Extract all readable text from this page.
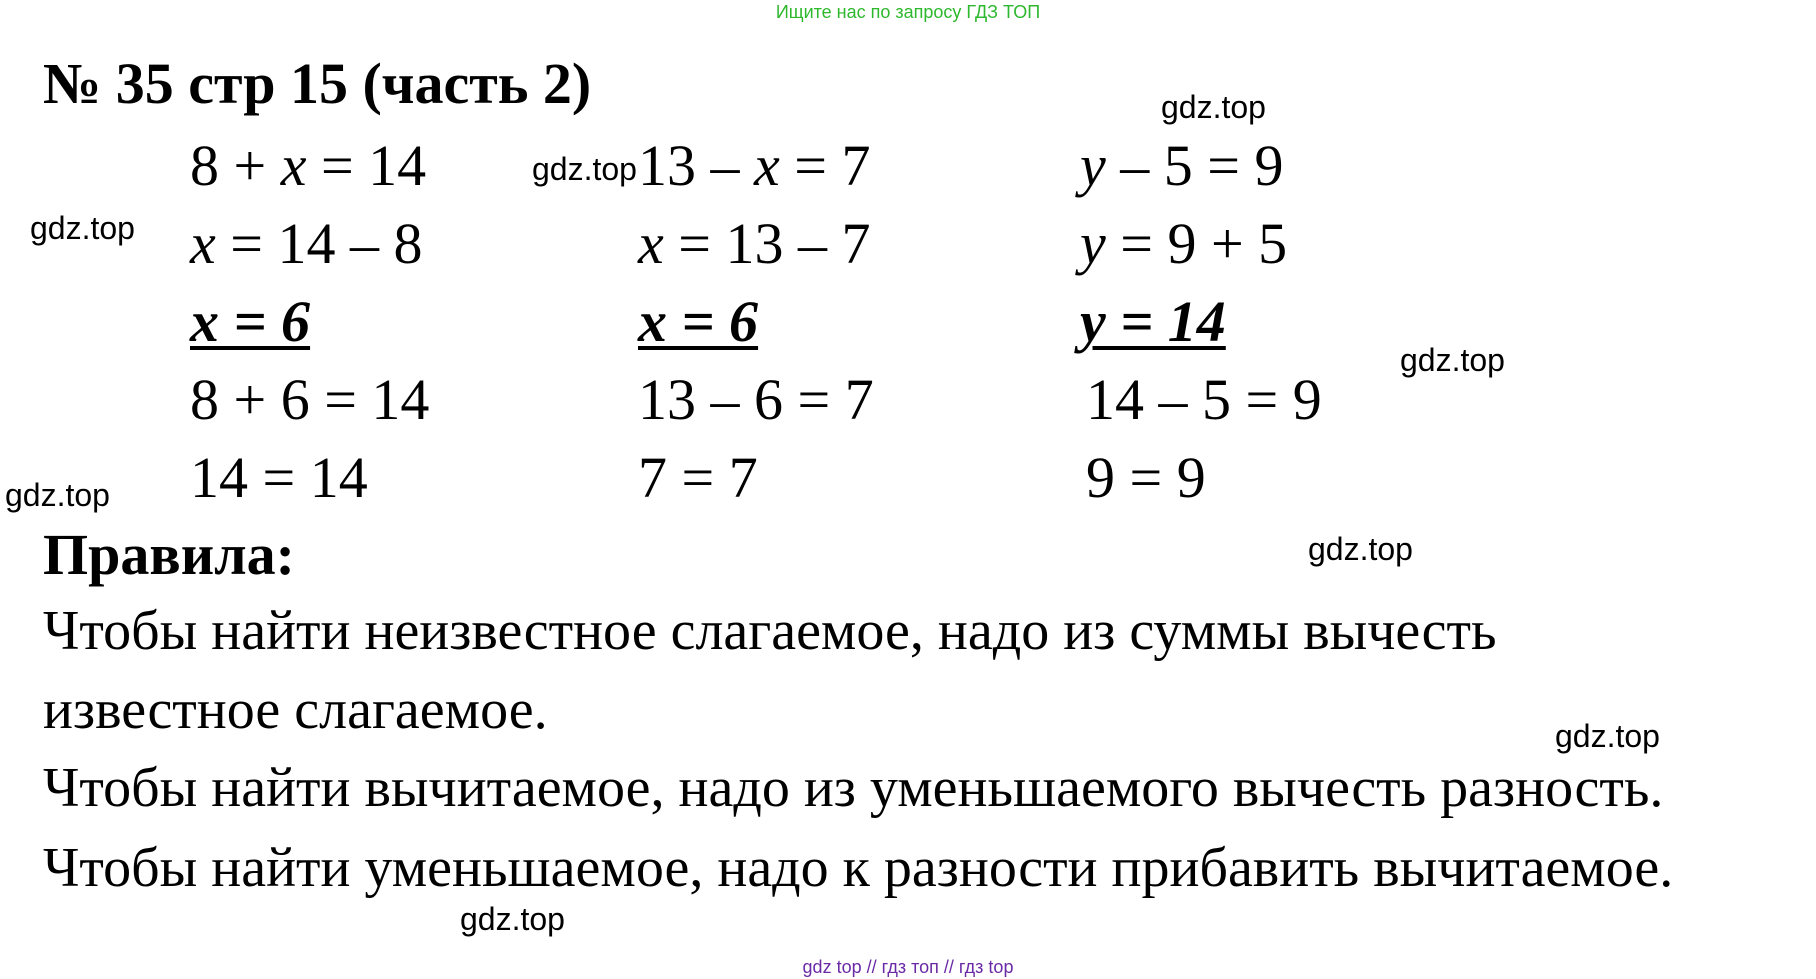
Ищите нас по запросу ГДЗ ТОП
№ 35 стр 15 (часть 2)
8 + x = 14
x = 14 – 8
x = 6
8 + 6 = 14
14 = 14
13 – x = 7
x = 13 – 7
x = 6
13 – 6 = 7
7 = 7
y – 5 = 9
y = 9 + 5
y = 14
14 – 5 = 9
9 = 9
Правила:
Чтобы найти неизвестное слагаемое, надо из суммы вычесть
известное слагаемое.
Чтобы найти вычитаемое, надо из уменьшаемого вычесть разность.
Чтобы найти уменьшаемое, надо к разности прибавить вычитаемое.
gdz.top
gdz.top
gdz.top
gdz.top
gdz.top
gdz.top
gdz.top
gdz.top
gdz top // гдз топ // гдз top
